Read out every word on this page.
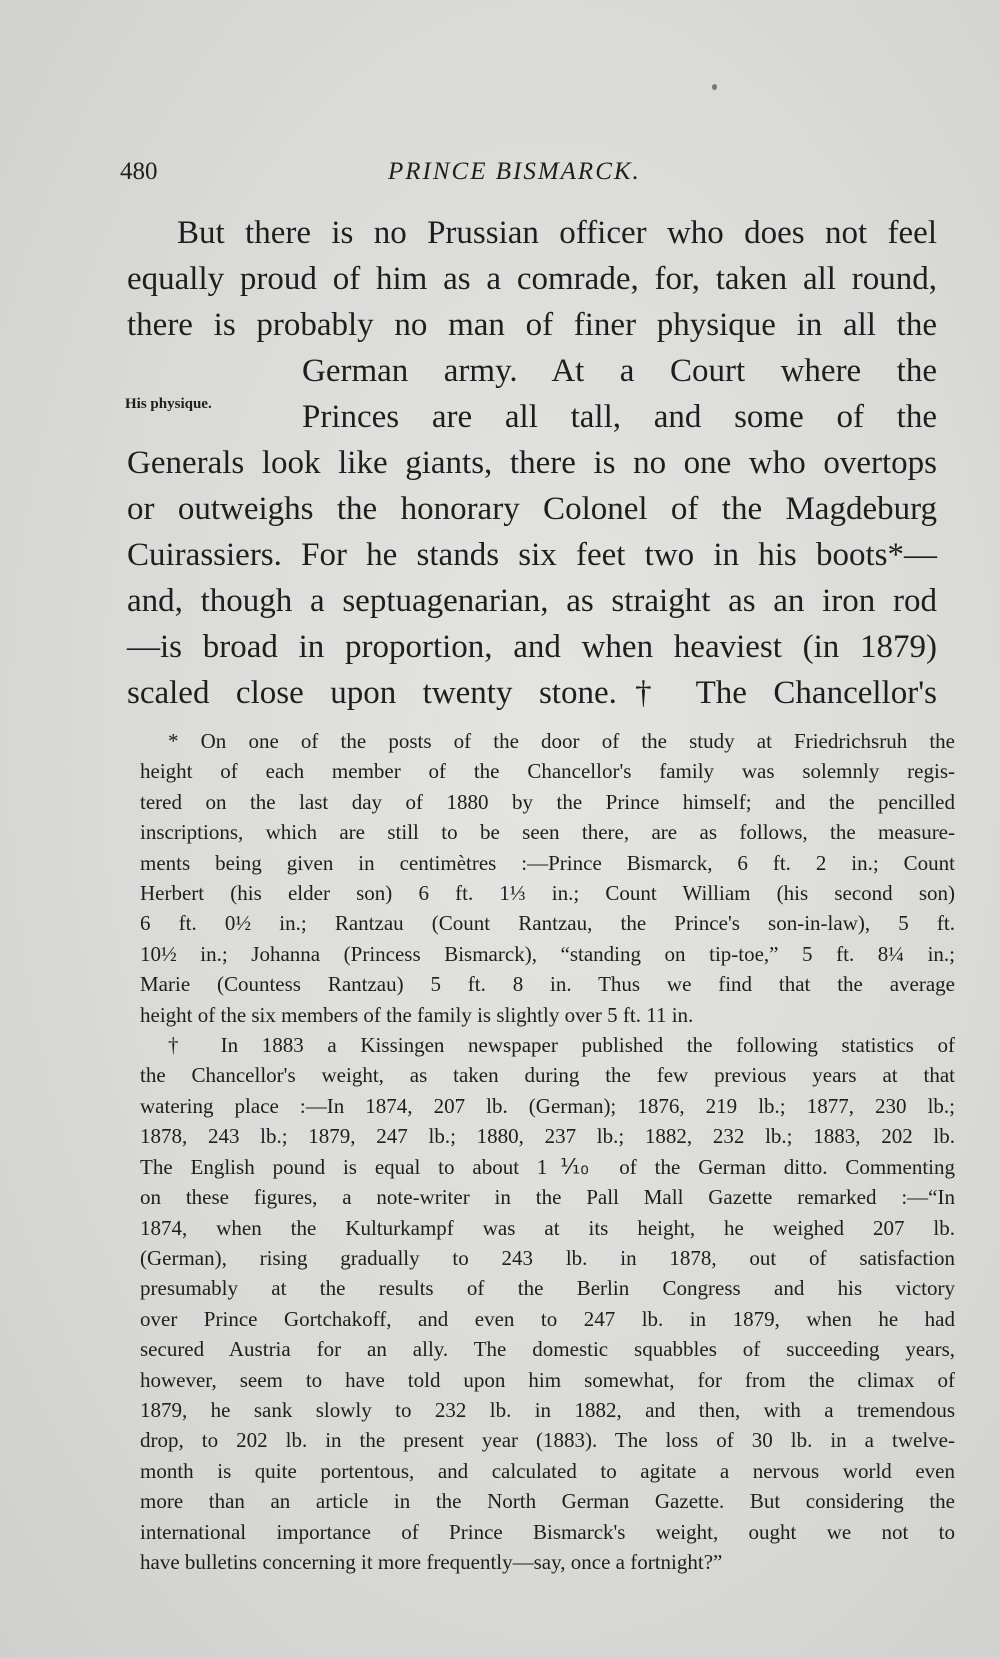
480	PRINCE BISMARCK.
His physique.
But there is no Prussian officer who does not feel
equally proud of him as a comrade, for, taken all round,
there is probably no man of finer physique in all the
German army. At a Court where the
Princes are all tall, and some of the
Generals look like giants, there is no one who overtops
or outweighs the honorary Colonel of the Magdeburg
Cuirassiers. For he stands six feet two in his boots*—
and, though a septuagenarian, as straight as an iron rod
—is broad in proportion, and when heaviest (in 1879)
scaled close upon twenty stone.† The Chancellor's
* On one of the posts of the door of the study at Friedrichsruh the
height of each member of the Chancellor's family was solemnly regis-
tered on the last day of 1880 by the Prince himself; and the pencilled
inscriptions, which are still to be seen there, are as follows, the measure-
ments being given in centimètres :—Prince Bismarck, 6 ft. 2 in.; Count
Herbert (his elder son) 6 ft. 1⅓ in.; Count William (his second son)
6 ft. 0½ in.; Rantzau (Count Rantzau, the Prince's son-in-law), 5 ft.
10½ in.; Johanna (Princess Bismarck), “standing on tip-toe,” 5 ft. 8¼ in.;
Marie (Countess Rantzau) 5 ft. 8 in. Thus we find that the average
height of the six members of the family is slightly over 5 ft. 11 in.
† In 1883 a Kissingen newspaper published the following statistics of
the Chancellor's weight, as taken during the few previous years at that
watering place :—In 1874, 207 lb. (German); 1876, 219 lb.; 1877, 230 lb.;
1878, 243 lb.; 1879, 247 lb.; 1880, 237 lb.; 1882, 232 lb.; 1883, 202 lb.
The English pound is equal to about 1⅒ of the German ditto. Commenting
on these figures, a note-writer in the Pall Mall Gazette remarked :—“In
1874, when the Kulturkampf was at its height, he weighed 207 lb.
(German), rising gradually to 243 lb. in 1878, out of satisfaction
presumably at the results of the Berlin Congress and his victory
over Prince Gortchakoff, and even to 247 lb. in 1879, when he had
secured Austria for an ally. The domestic squabbles of succeeding years,
however, seem to have told upon him somewhat, for from the climax of
1879, he sank slowly to 232 lb. in 1882, and then, with a tremendous
drop, to 202 lb. in the present year (1883). The loss of 30 lb. in a twelve-
month is quite portentous, and calculated to agitate a nervous world even
more than an article in the North German Gazette. But considering the
international importance of Prince Bismarck's weight, ought we not to
have bulletins concerning it more frequently—say, once a fortnight?”
